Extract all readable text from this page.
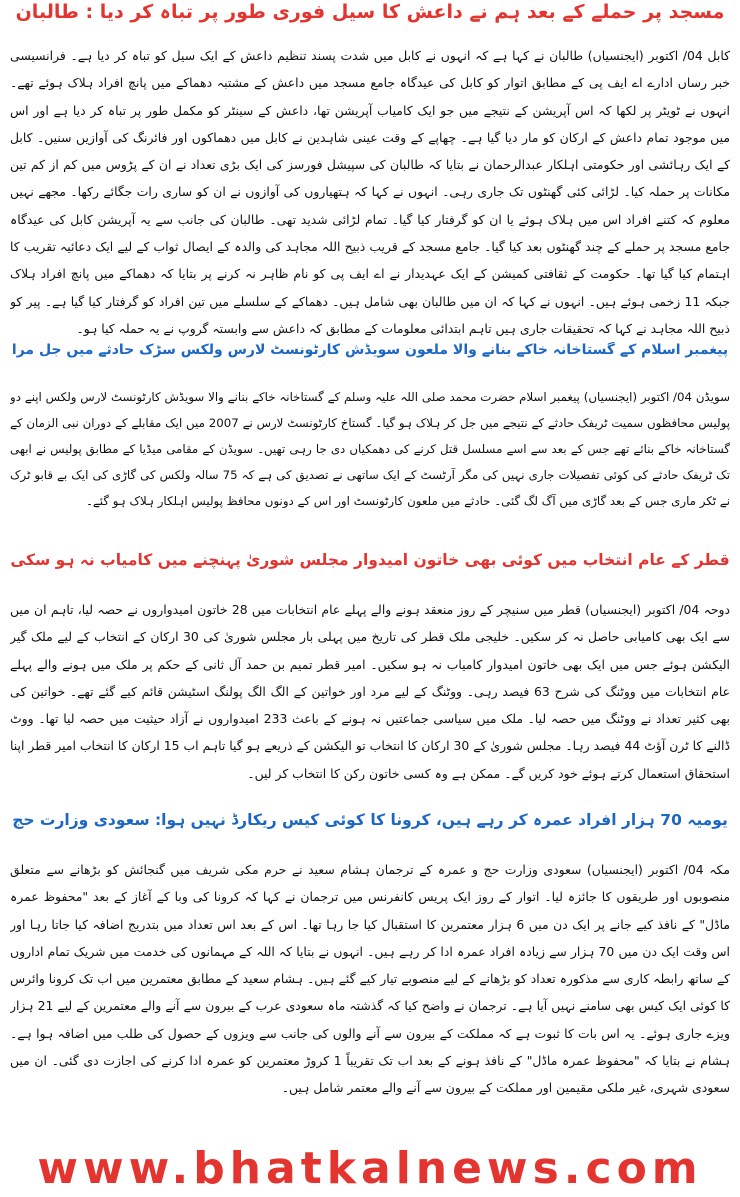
مسجد پر حملے کے بعد ہم نے داعش کا سیل فوری طور پر تباہ کر دیا : طالبان

کابل 04/ اکتوبر (ایجنسیاں) طالبان نے کہا ہے کہ انہوں نے کابل میں شدت پسند تنظیم داعش کے ایک سیل کو تباہ کر دیا ہے۔ فرانسیسی خبر رساں ادارے اے ایف پی کے مطابق اتوار کو کابل کی عیدگاہ جامع مسجد میں داعش کے مشتبہ دھماکے میں پانچ افراد ہلاک ہوئے تھے۔ انہوں نے ٹویٹر پر لکھا کہ اس آپریشن کے نتیجے میں جو ایک کامیاب آپریشن تھا، داعش کے سینٹر کو مکمل طور پر تباہ کر دیا ہے اور اس میں موجود تمام داعش کے ارکان کو مار دیا گیا ہے۔ چھاپے کے وقت عینی شاہدین نے کابل میں دھماکوں اور فائرنگ کی آوازیں سنیں۔ کابل کے ایک رہائشی اور حکومتی اہلکار عبدالرحمان نے بتایا کہ طالبان کی سپیشل فورسز کی ایک بڑی تعداد نے ان کے پڑوس میں کم از کم تین مکانات پر حملہ کیا۔ لڑائی کئی گھنٹوں تک جاری رہی۔ انہوں نے کہا کہ ہتھیاروں کی آوازوں نے ان کو ساری رات جگائے رکھا۔ مجھے نہیں معلوم کہ کتنے افراد اس میں ہلاک ہوئے یا ان کو گرفتار کیا گیا۔ تمام لڑائی شدید تھی۔ طالبان کی جانب سے یہ آپریشن کابل کی عیدگاہ جامع مسجد پر حملے کے چند گھنٹوں بعد کیا گیا۔ جامع مسجد کے قریب ذبیح اللہ مجاہد کی والدہ کے ایصال ثواب کے لیے ایک دعائیہ تقریب کا اہتمام کیا گیا تھا۔ حکومت کے ثقافتی کمیشن کے ایک عہدیدار نے اے ایف پی کو نام ظاہر نہ کرنے پر بتایا کہ دھماکے میں پانچ افراد ہلاک جبکہ 11 زخمی ہوئے ہیں۔ انہوں نے کہا کہ ان میں طالبان بھی شامل ہیں۔ دھماکے کے سلسلے میں تین افراد کو گرفتار کیا گیا ہے۔ پیر کو ذبیح اللہ مجاہد نے کہا کہ تحقیقات جاری ہیں تاہم ابتدائی معلومات کے مطابق کہ داعش سے وابستہ گروپ نے یہ حملہ کیا ہو۔

پیغمبر اسلام کے گستاخانہ خاکے بنانے والا ملعون سویڈش کارٹونسٹ لارس ولکس سڑک حادثے میں جل مرا

سویڈن 04/ اکتوبر (ایجنسیاں) پیغمبر اسلام حضرت محمد صلی اللہ علیہ وسلم کے گستاخانہ خاکے بنانے والا سویڈش کارٹونسٹ لارس ولکس اپنے دو پولیس محافظوں سمیت ٹریفک حادثے کے نتیجے میں جل کر ہلاک ہو گیا۔ گستاخ کارٹونسٹ لارس نے 2007 میں ایک مقابلے کے دوران نبی الزمان کے گستاخانہ خاکے بنائے تھے جس کے بعد سے اسے مسلسل قتل کرنے کی دھمکیاں دی جا رہی تھیں۔ سویڈن کے مقامی میڈیا کے مطابق پولیس نے ابھی تک ٹریفک حادثے کی کوئی تفصیلات جاری نہیں کی مگر آرٹسٹ کے ایک ساتھی نے تصدیق کی ہے کہ 75 سالہ ولکس کی گاڑی کی ایک بے قابو ٹرک نے ٹکر ماری جس کے بعد گاڑی میں آگ لگ گئی۔ حادثے میں ملعون کارٹونسٹ اور اس کے دونوں محافظ پولیس اہلکار ہلاک ہو گئے۔

قطر کے عام انتخاب میں کوئی بھی خاتون امیدوار مجلس شوریٰ پہنچنے میں کامیاب نہ ہو سکی

دوحہ 04/ اکتوبر (ایجنسیاں) قطر میں سنیچر کے روز منعقد ہونے والے پہلے عام انتخابات میں 28 خاتون امیدواروں نے حصہ لیا، تاہم ان میں سے ایک بھی کامیابی حاصل نہ کر سکیں۔ خلیجی ملک قطر کی تاریخ میں پہلی بار مجلس شوریٰ کی 30 ارکان کے انتخاب کے لیے ملک گیر الیکشن ہوئے جس میں ایک بھی خاتون امیدوار کامیاب نہ ہو سکیں۔ امیر قطر تمیم بن حمد آل ثانی کے حکم پر ملک میں ہونے والے پہلے عام انتخابات میں ووٹنگ کی شرح 63 فیصد رہی۔ ووٹنگ کے لیے مرد اور خواتین کے الگ الگ پولنگ اسٹیشن قائم کیے گئے تھے۔ خواتین کی بھی کثیر تعداد نے ووٹنگ میں حصہ لیا۔ ملک میں سیاسی جماعتیں نہ ہونے کے باعث 233 امیدواروں نے آزاد حیثیت میں حصہ لیا تھا۔ ووٹ ڈالنے کا ٹرن آؤٹ 44 فیصد رہا۔ مجلس شوریٰ کے 30 ارکان کا انتخاب تو الیکشن کے ذریعے ہو گیا تاہم اب 15 ارکان کا انتخاب امیر قطر اپنا استحقاق استعمال کرتے ہوئے خود کریں گے۔ ممکن ہے وہ کسی خاتون رکن کا انتخاب کر لیں۔

یومیہ 70 ہزار افراد عمرہ کر رہے ہیں، کرونا کا کوئی کیس ریکارڈ نہیں ہوا: سعودی وزارت حج

مکہ 04/ اکتوبر (ایجنسیاں) سعودی وزارت حج و عمرہ کے ترجمان ہشام سعید نے حرم مکی شریف میں گنجائش کو بڑھانے سے متعلق منصوبوں اور طریقوں کا جائزہ لیا۔ اتوار کے روز ایک پریس کانفرنس میں ترجمان نے کہا کہ کرونا کی وبا کے آغاز کے بعد "محفوظ عمرہ ماڈل" کے نافذ کیے جانے پر ایک دن میں 6 ہزار معتمرین کا استقبال کیا جا رہا تھا۔ اس کے بعد اس تعداد میں بتدریج اضافہ کیا جاتا رہا اور اس وقت ایک دن میں 70 ہزار سے زیادہ افراد عمرہ ادا کر رہے ہیں۔ انہوں نے بتایا کہ اللہ کے مہمانوں کی خدمت میں شریک تمام اداروں کے ساتھ رابطہ کاری سے مذکورہ تعداد کو بڑھانے کے لیے منصوبے تیار کیے گئے ہیں۔ ہشام سعید کے مطابق معتمرین میں اب تک کرونا وائرس کا کوئی ایک کیس بھی سامنے نہیں آیا ہے۔ ترجمان نے واضح کیا کہ گذشتہ ماہ سعودی عرب کے بیرون سے آنے والے معتمرین کے لیے 21 ہزار ویزے جاری ہوئے۔ یہ اس بات کا ثبوت ہے کہ مملکت کے بیرون سے آنے والوں کی جانب سے ویزوں کے حصول کی طلب میں اضافہ ہوا ہے۔ ہشام نے بتایا کہ "محفوظ عمرہ ماڈل" کے نافذ ہونے کے بعد اب تک تقریباً 1 کروڑ معتمرین کو عمرہ ادا کرنے کی اجازت دی گئی۔ ان میں سعودی شہری، غیر ملکی مقیمین اور مملکت کے بیرون سے آنے والے معتمر شامل ہیں۔

www.bhatkalnews.com
